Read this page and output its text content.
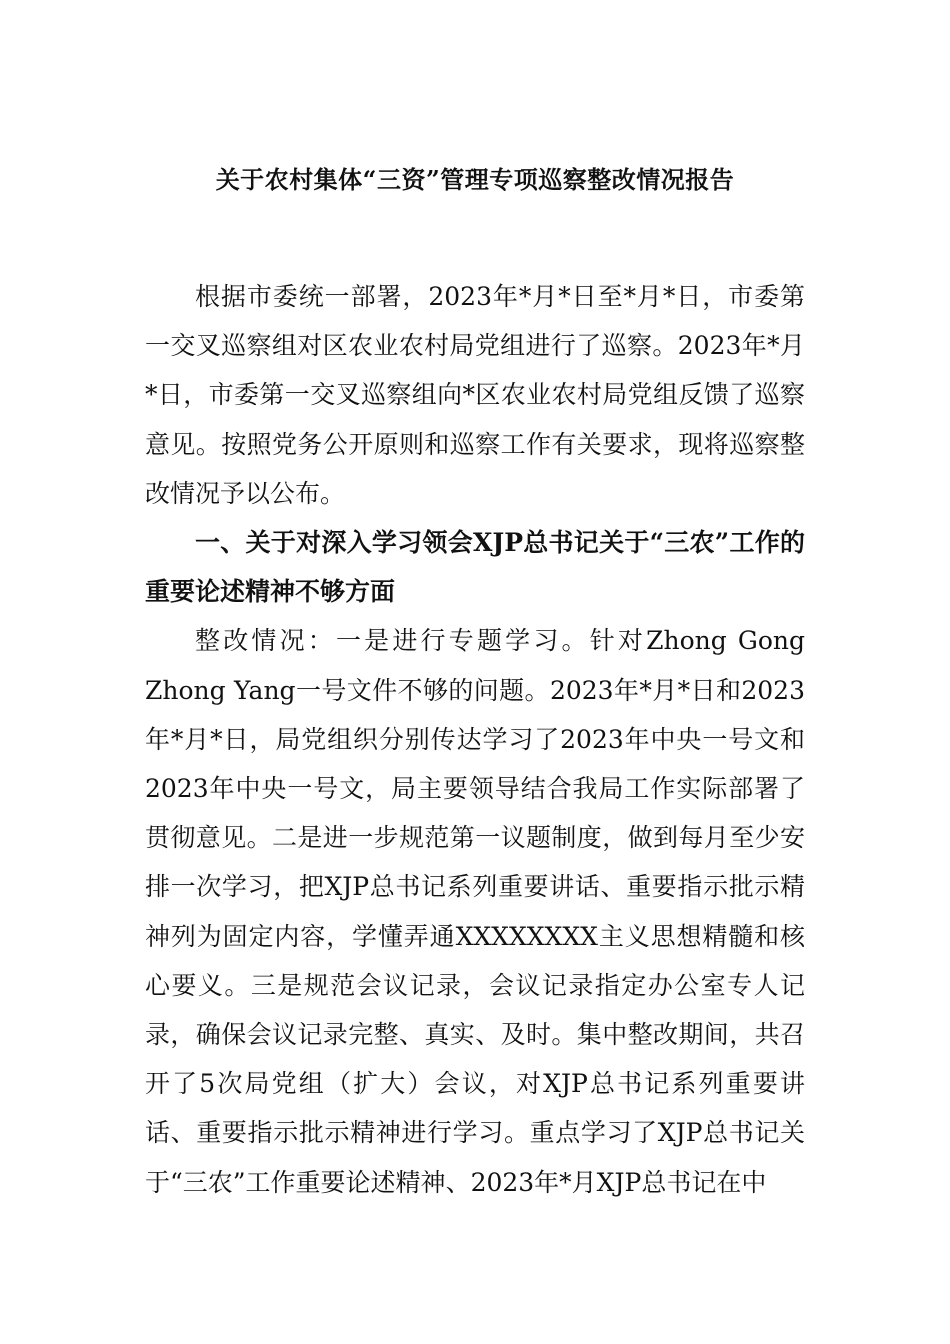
关于农村集体“三资”管理专项巡察整改情况报告

根据市委统一部署，2023年*月*日至*月*日，市委第一交叉巡察组对区农业农村局党组进行了巡察。2023年*月*日，市委第一交叉巡察组向*区农业农村局党组反馈了巡察意见。按照党务公开原则和巡察工作有关要求，现将巡察整改情况予以公布。

一、关于对深入学习领会XJP总书记关于“三农”工作的重要论述精神不够方面

整改情况：一是进行专题学习。针对Zhong Gong Zhong Yang一号文件不够的问题。2023年*月*日和2023年*月*日，局党组织分别传达学习了2023年中央一号文和2023年中央一号文，局主要领导结合我局工作实际部署了贯彻意见。二是进一步规范第一议题制度，做到每月至少安排一次学习，把XJP总书记系列重要讲话、重要指示批示精神列为固定内容，学懂弄通XXXXXXXX主义思想精髓和核心要义。三是规范会议记录，会议记录指定办公室专人记录，确保会议记录完整、真实、及时。集中整改期间，共召开了5次局党组（扩大）会议，对XJP总书记系列重要讲话、重要指示批示精神进行学习。重点学习了XJP总书记关于“三农”工作重要论述精神、2023年*月XJP总书记在中
